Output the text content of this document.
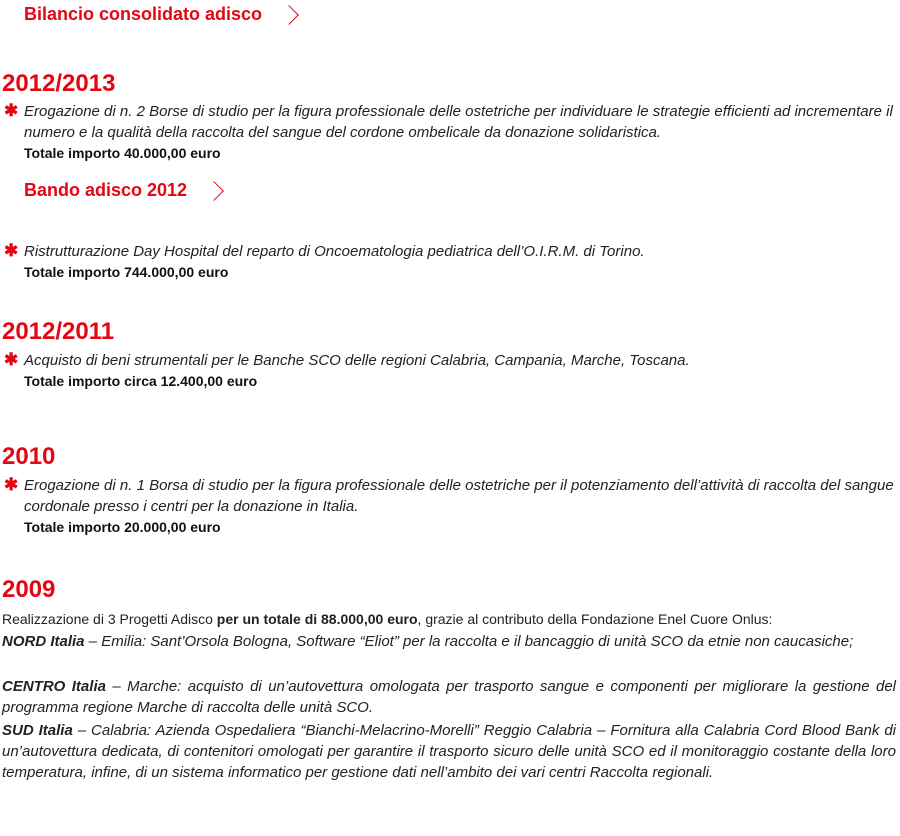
Bilancio consolidato adisco
2012/2013
✱ Erogazione di n. 2 Borse di studio per la figura professionale delle ostetriche per individuare le strategie efficienti ad incrementare il numero e la qualità della raccolta del sangue del cordone ombelicale da donazione solidaristica.
Totale importo 40.000,00 euro
Bando adisco 2012
✱ Ristrutturazione Day Hospital del reparto di Oncoematologia pediatrica dell’O.I.R.M. di Torino.
Totale importo 744.000,00 euro
2012/2011
✱ Acquisto di beni strumentali per le Banche SCO delle regioni Calabria, Campania, Marche, Toscana.
Totale importo circa 12.400,00 euro
2010
✱ Erogazione di n. 1 Borsa di studio per la figura professionale delle ostetriche per il potenziamento dell’attività di raccolta del sangue cordonale presso i centri per la donazione in Italia.
Totale importo 20.000,00 euro
2009
Realizzazione di 3 Progetti Adisco per un totale di 88.000,00 euro, grazie al contributo della Fondazione Enel Cuore Onlus:
NORD Italia – Emilia: Sant’Orsola Bologna, Software “Eliot” per la raccolta e il bancaggio di unità SCO da etnie non caucasiche;
CENTRO Italia – Marche: acquisto di un’autovettura omologata per trasporto sangue e componenti per migliorare la gestione del programma regione Marche di raccolta delle unità SCO.
SUD Italia – Calabria: Azienda Ospedaliera “Bianchi-Melacrino-Morelli” Reggio Calabria – Fornitura alla Calabria Cord Blood Bank di un’autovettura dedicata, di contenitori omologati per garantire il trasporto sicuro delle unità SCO ed il monitoraggio costante della loro temperatura, infine, di un sistema informatico per gestione dati nell’ambito dei vari centri Raccolta regionali.
